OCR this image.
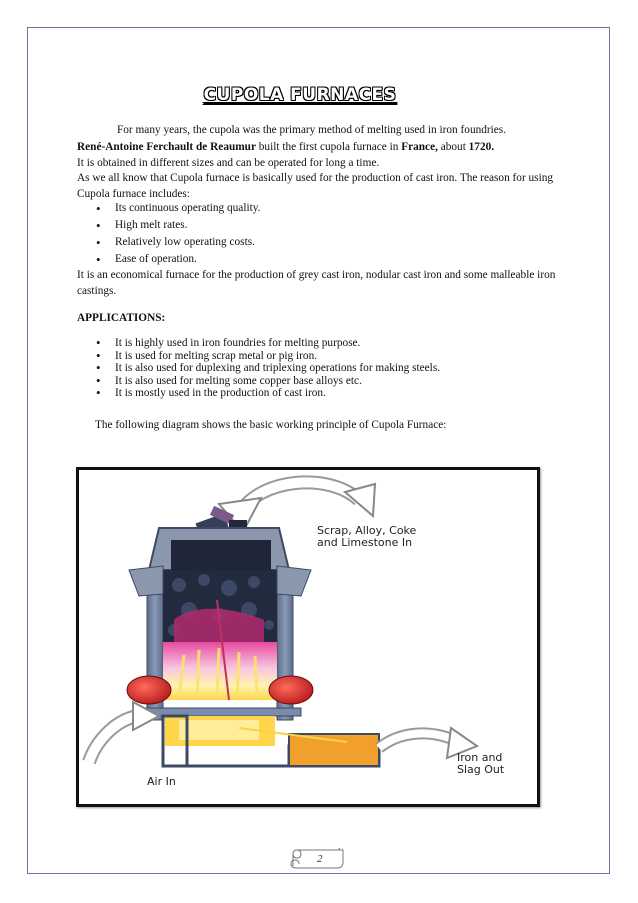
CUPOLA FURNACES
For many years, the cupola was the primary method of melting used in iron foundries.
René-Antoine Ferchault de Reaumur built the first cupola furnace in France, about 1720.
It is obtained in different sizes and can be operated for long a time.
As we all know that Cupola furnace is basically used for the production of cast iron. The reason for using Cupola furnace includes:
• Its continuous operating quality.
• High melt rates.
• Relatively low operating costs.
• Ease of operation.
It is an economical furnace for the production of grey cast iron, nodular cast iron and some malleable iron castings.
APPLICATIONS:
• It is highly used in iron foundries for melting purpose.
• It is used for melting scrap metal or pig iron.
• It is also used for duplexing and triplexing operations for making steels.
• It is also used for melting some copper base alloys etc.
• It is mostly used in the production of cast iron.
The following diagram shows the basic working principle of Cupola Furnace:
Scrap, Alloy, Coke
and Limestone In
Air In
Iron and
Slag Out
2
